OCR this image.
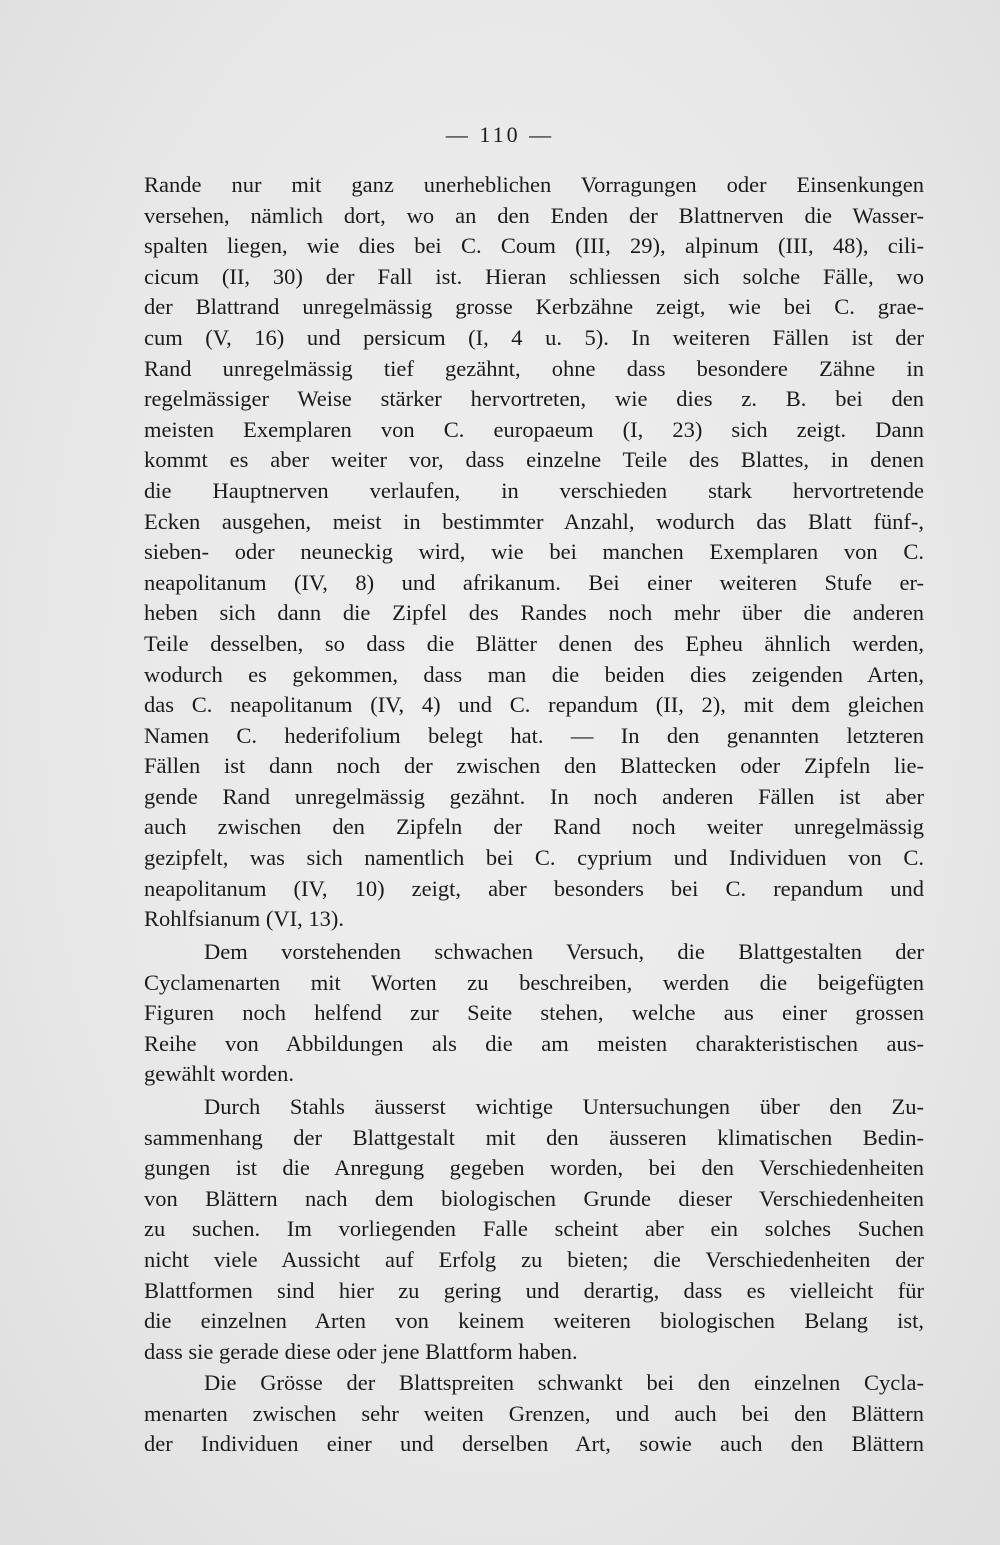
— 110 —
Rande nur mit ganz unerheblichen Vorragungen oder Einsenkungen
versehen, nämlich dort, wo an den Enden der Blattnerven die Wasser-
spalten liegen, wie dies bei C. Coum (III, 29), alpinum (III, 48), cili-
cicum (II, 30) der Fall ist. Hieran schliessen sich solche Fälle, wo
der Blattrand unregelmässig grosse Kerbzähne zeigt, wie bei C. grae-
cum (V, 16) und persicum (I, 4 u. 5). In weiteren Fällen ist der
Rand unregelmässig tief gezähnt, ohne dass besondere Zähne in
regelmässiger Weise stärker hervortreten, wie dies z. B. bei den
meisten Exemplaren von C. europaeum (I, 23) sich zeigt. Dann
kommt es aber weiter vor, dass einzelne Teile des Blattes, in denen
die Hauptnerven verlaufen, in verschieden stark hervortretende
Ecken ausgehen, meist in bestimmter Anzahl, wodurch das Blatt fünf-,
sieben- oder neuneckig wird, wie bei manchen Exemplaren von C.
neapolitanum (IV, 8) und afrikanum. Bei einer weiteren Stufe er-
heben sich dann die Zipfel des Randes noch mehr über die anderen
Teile desselben, so dass die Blätter denen des Epheu ähnlich werden,
wodurch es gekommen, dass man die beiden dies zeigenden Arten,
das C. neapolitanum (IV, 4) und C. repandum (II, 2), mit dem gleichen
Namen C. hederifolium belegt hat. — In den genannten letzteren
Fällen ist dann noch der zwischen den Blattecken oder Zipfeln lie-
gende Rand unregelmässig gezähnt. In noch anderen Fällen ist aber
auch zwischen den Zipfeln der Rand noch weiter unregelmässig
gezipfelt, was sich namentlich bei C. cyprium und Individuen von C.
neapolitanum (IV, 10) zeigt, aber besonders bei C. repandum und
Rohlfsianum (VI, 13).
Dem vorstehenden schwachen Versuch, die Blattgestalten der
Cyclamenarten mit Worten zu beschreiben, werden die beigefügten
Figuren noch helfend zur Seite stehen, welche aus einer grossen
Reihe von Abbildungen als die am meisten charakteristischen aus-
gewählt worden.
Durch Stahls äusserst wichtige Untersuchungen über den Zu-
sammenhang der Blattgestalt mit den äusseren klimatischen Bedin-
gungen ist die Anregung gegeben worden, bei den Verschiedenheiten
von Blättern nach dem biologischen Grunde dieser Verschiedenheiten
zu suchen. Im vorliegenden Falle scheint aber ein solches Suchen
nicht viele Aussicht auf Erfolg zu bieten; die Verschiedenheiten der
Blattformen sind hier zu gering und derartig, dass es vielleicht für
die einzelnen Arten von keinem weiteren biologischen Belang ist,
dass sie gerade diese oder jene Blattform haben.
Die Grösse der Blattspreiten schwankt bei den einzelnen Cycla-
menarten zwischen sehr weiten Grenzen, und auch bei den Blättern
der Individuen einer und derselben Art, sowie auch den Blättern
